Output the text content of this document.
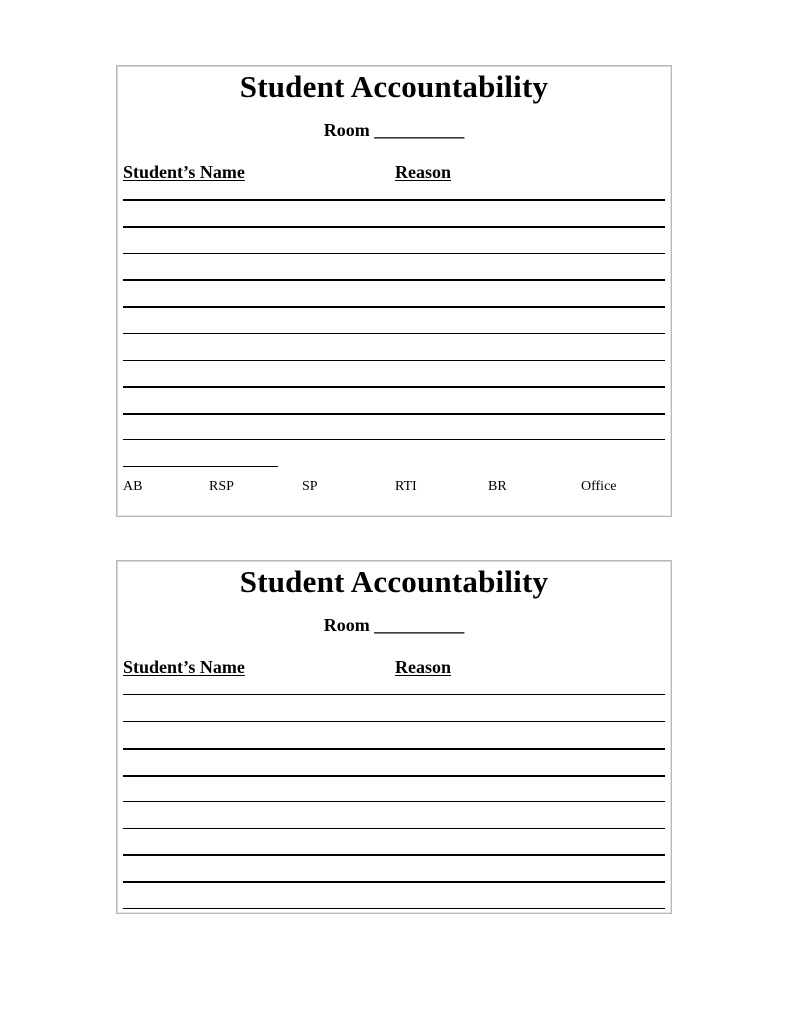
Student Accountability
Room __________
Student’s Name	Reason
AB	RSP	SP	RTI	BR	Office
Student Accountability
Room __________
Student’s Name	Reason
